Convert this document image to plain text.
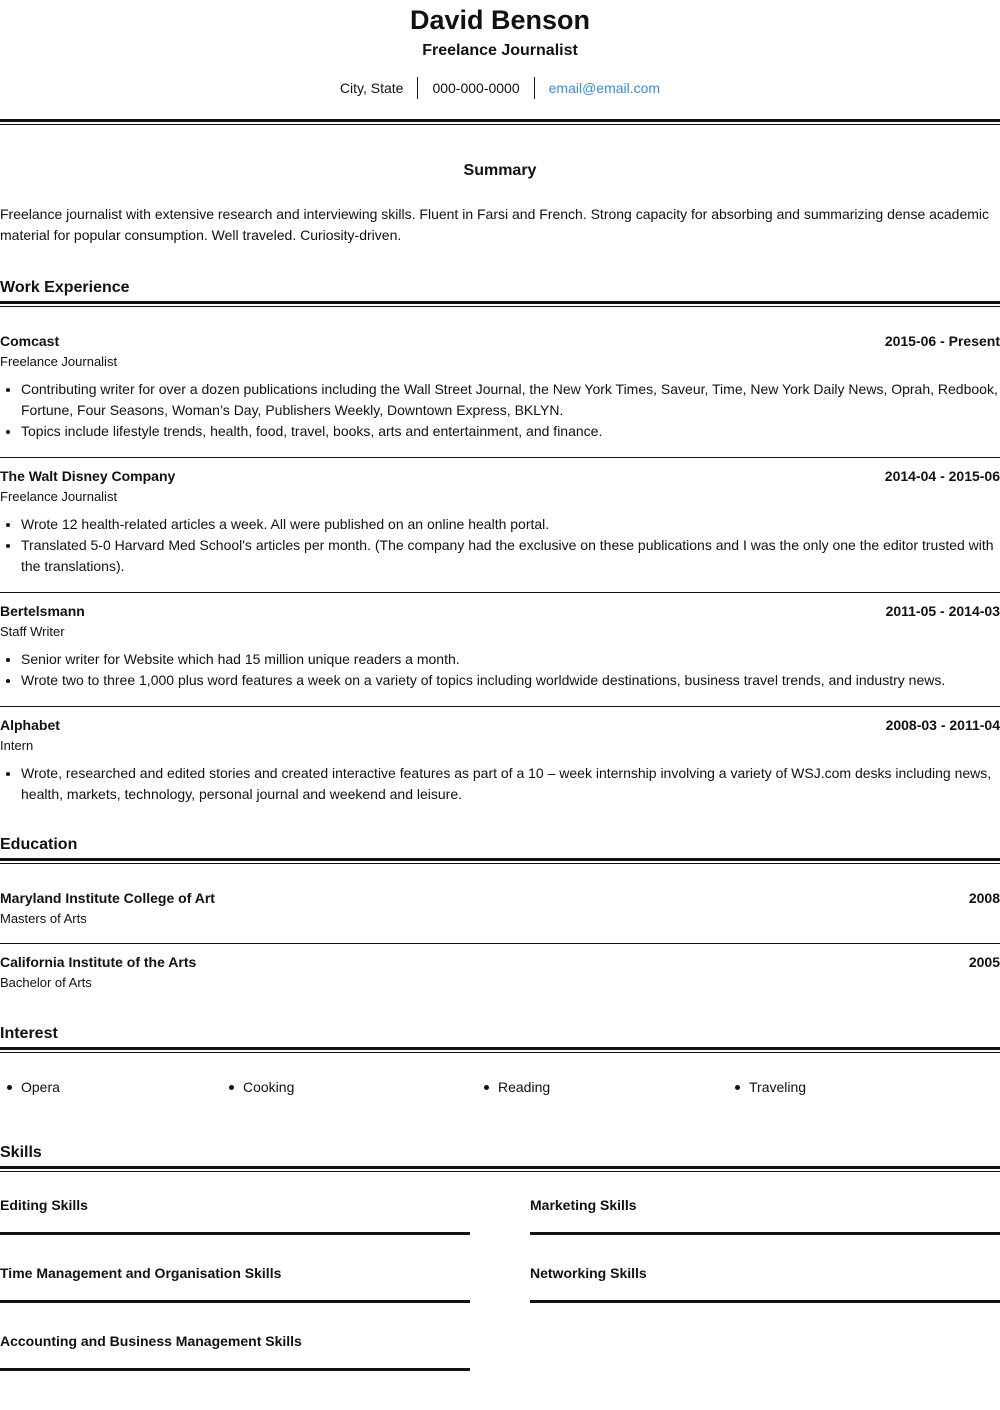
David Benson
Freelance Journalist
City, State	000-000-0000	email@email.com
Summary
Freelance journalist with extensive research and interviewing skills. Fluent in Farsi and French. Strong capacity for absorbing and summarizing dense academic material for popular consumption. Well traveled. Curiosity-driven.
Work Experience
Comcast	2015-06 - Present
Freelance Journalist
• Contributing writer for over a dozen publications including the Wall Street Journal, the New York Times, Saveur, Time, New York Daily News, Oprah, Redbook, Fortune, Four Seasons, Woman’s Day, Publishers Weekly, Downtown Express, BKLYN.
• Topics include lifestyle trends, health, food, travel, books, arts and entertainment, and finance.
The Walt Disney Company	2014-04 - 2015-06
Freelance Journalist
• Wrote 12 health-related articles a week. All were published on an online health portal.
• Translated 5-0 Harvard Med School's articles per month. (The company had the exclusive on these publications and I was the only one the editor trusted with the translations).
Bertelsmann	2011-05 - 2014-03
Staff Writer
• Senior writer for Website which had 15 million unique readers a month.
• Wrote two to three 1,000 plus word features a week on a variety of topics including worldwide destinations, business travel trends, and industry news.
Alphabet	2008-03 - 2011-04
Intern
• Wrote, researched and edited stories and created interactive features as part of a 10 – week internship involving a variety of WSJ.com desks including news, health, markets, technology, personal journal and weekend and leisure.
Education
Maryland Institute College of Art	2008
Masters of Arts
California Institute of the Arts	2005
Bachelor of Arts
Interest
Opera	Cooking	Reading	Traveling
Skills
Editing Skills	Marketing Skills
Time Management and Organisation Skills	Networking Skills
Accounting and Business Management Skills
